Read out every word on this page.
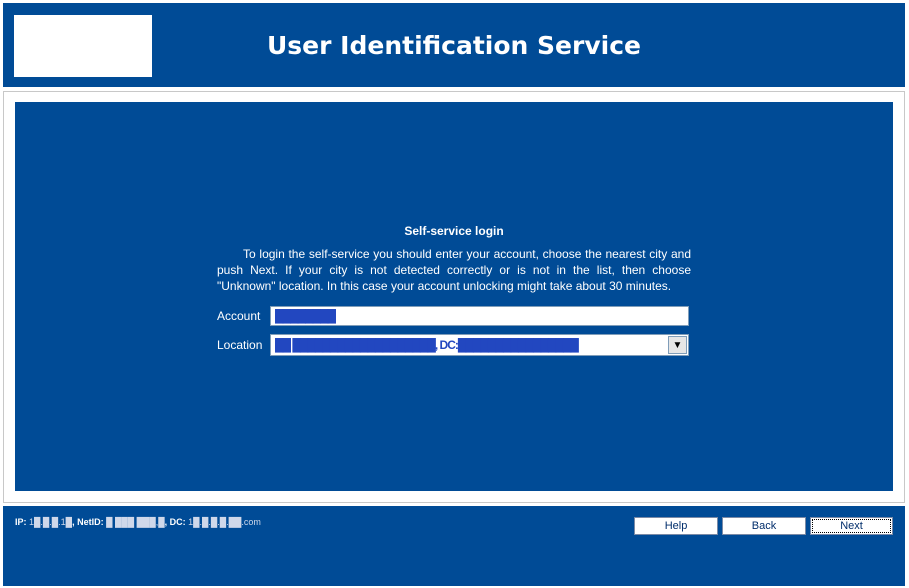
User Identification Service
Self-service login

To login the self-service you should enter your account, choose the nearest city and push Next. If your city is not detected correctly or is not in the list, then choose "Unknown" location. In this case your account unlocking might take about 30 minutes.

Account	████████
Location	██ ███████████████████, DC:████████████████	▼
IP: 1█.█.█.1█, NetID: █ ███ ███,█, DC: 1█.█.█.█.██.com	Help	Back	Next
